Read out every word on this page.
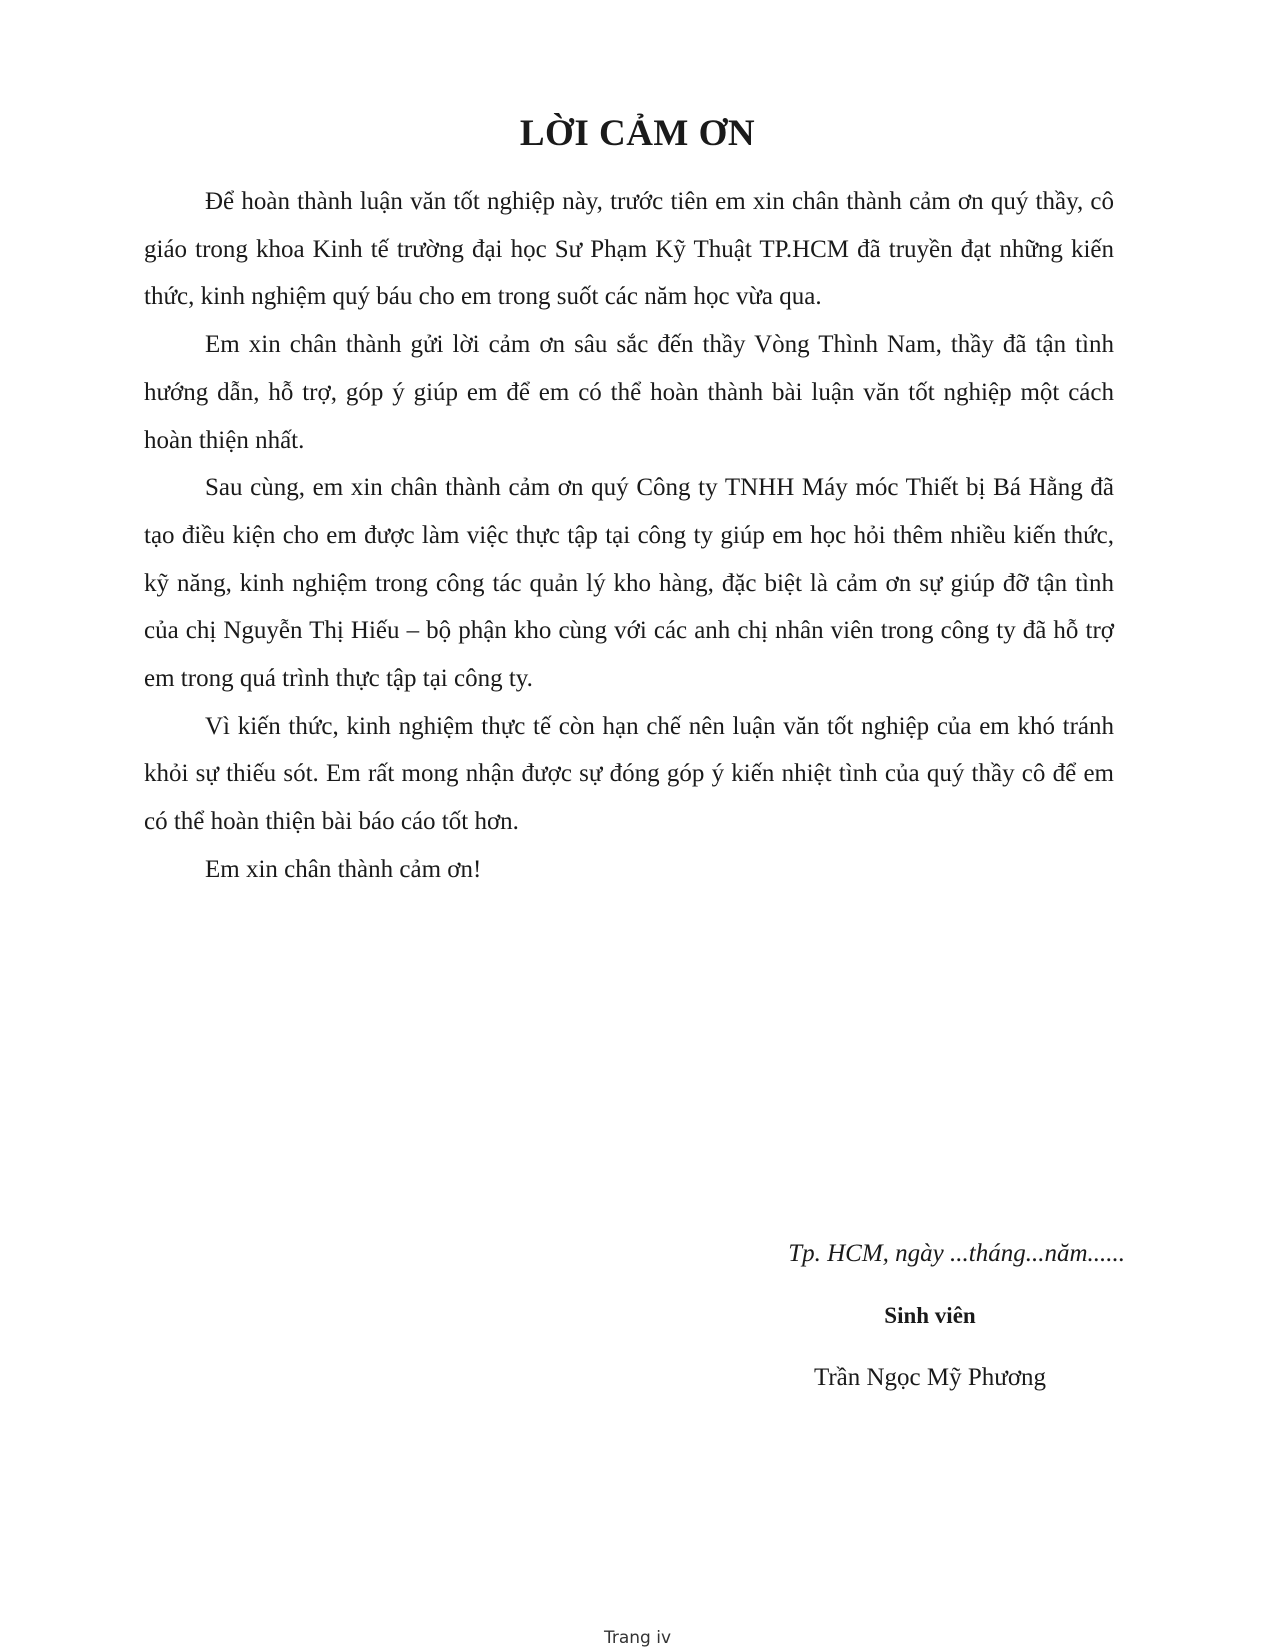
LỜI CẢM ƠN

Để hoàn thành luận văn tốt nghiệp này, trước tiên em xin chân thành cảm ơn quý thầy, cô giáo trong khoa Kinh tế trường đại học Sư Phạm Kỹ Thuật TP.HCM đã truyền đạt những kiến thức, kinh nghiệm quý báu cho em trong suốt các năm học vừa qua.

Em xin chân thành gửi lời cảm ơn sâu sắc đến thầy Vòng Thình Nam, thầy đã tận tình hướng dẫn, hỗ trợ, góp ý giúp em để em có thể hoàn thành bài luận văn tốt nghiệp một cách hoàn thiện nhất.

Sau cùng, em xin chân thành cảm ơn quý Công ty TNHH Máy móc Thiết bị Bá Hằng đã tạo điều kiện cho em được làm việc thực tập tại công ty giúp em học hỏi thêm nhiều kiến thức, kỹ năng, kinh nghiệm trong công tác quản lý kho hàng, đặc biệt là cảm ơn sự giúp đỡ tận tình của chị Nguyễn Thị Hiếu – bộ phận kho cùng với các anh chị nhân viên trong công ty đã hỗ trợ em trong quá trình thực tập tại công ty.

Vì kiến thức, kinh nghiệm thực tế còn hạn chế nên luận văn tốt nghiệp của em khó tránh khỏi sự thiếu sót. Em rất mong nhận được sự đóng góp ý kiến nhiệt tình của quý thầy cô để em có thể hoàn thiện bài báo cáo tốt hơn.

Em xin chân thành cảm ơn!

Tp. HCM, ngày ...tháng...năm......
Sinh viên
Trần Ngọc Mỹ Phương
Trang iv
